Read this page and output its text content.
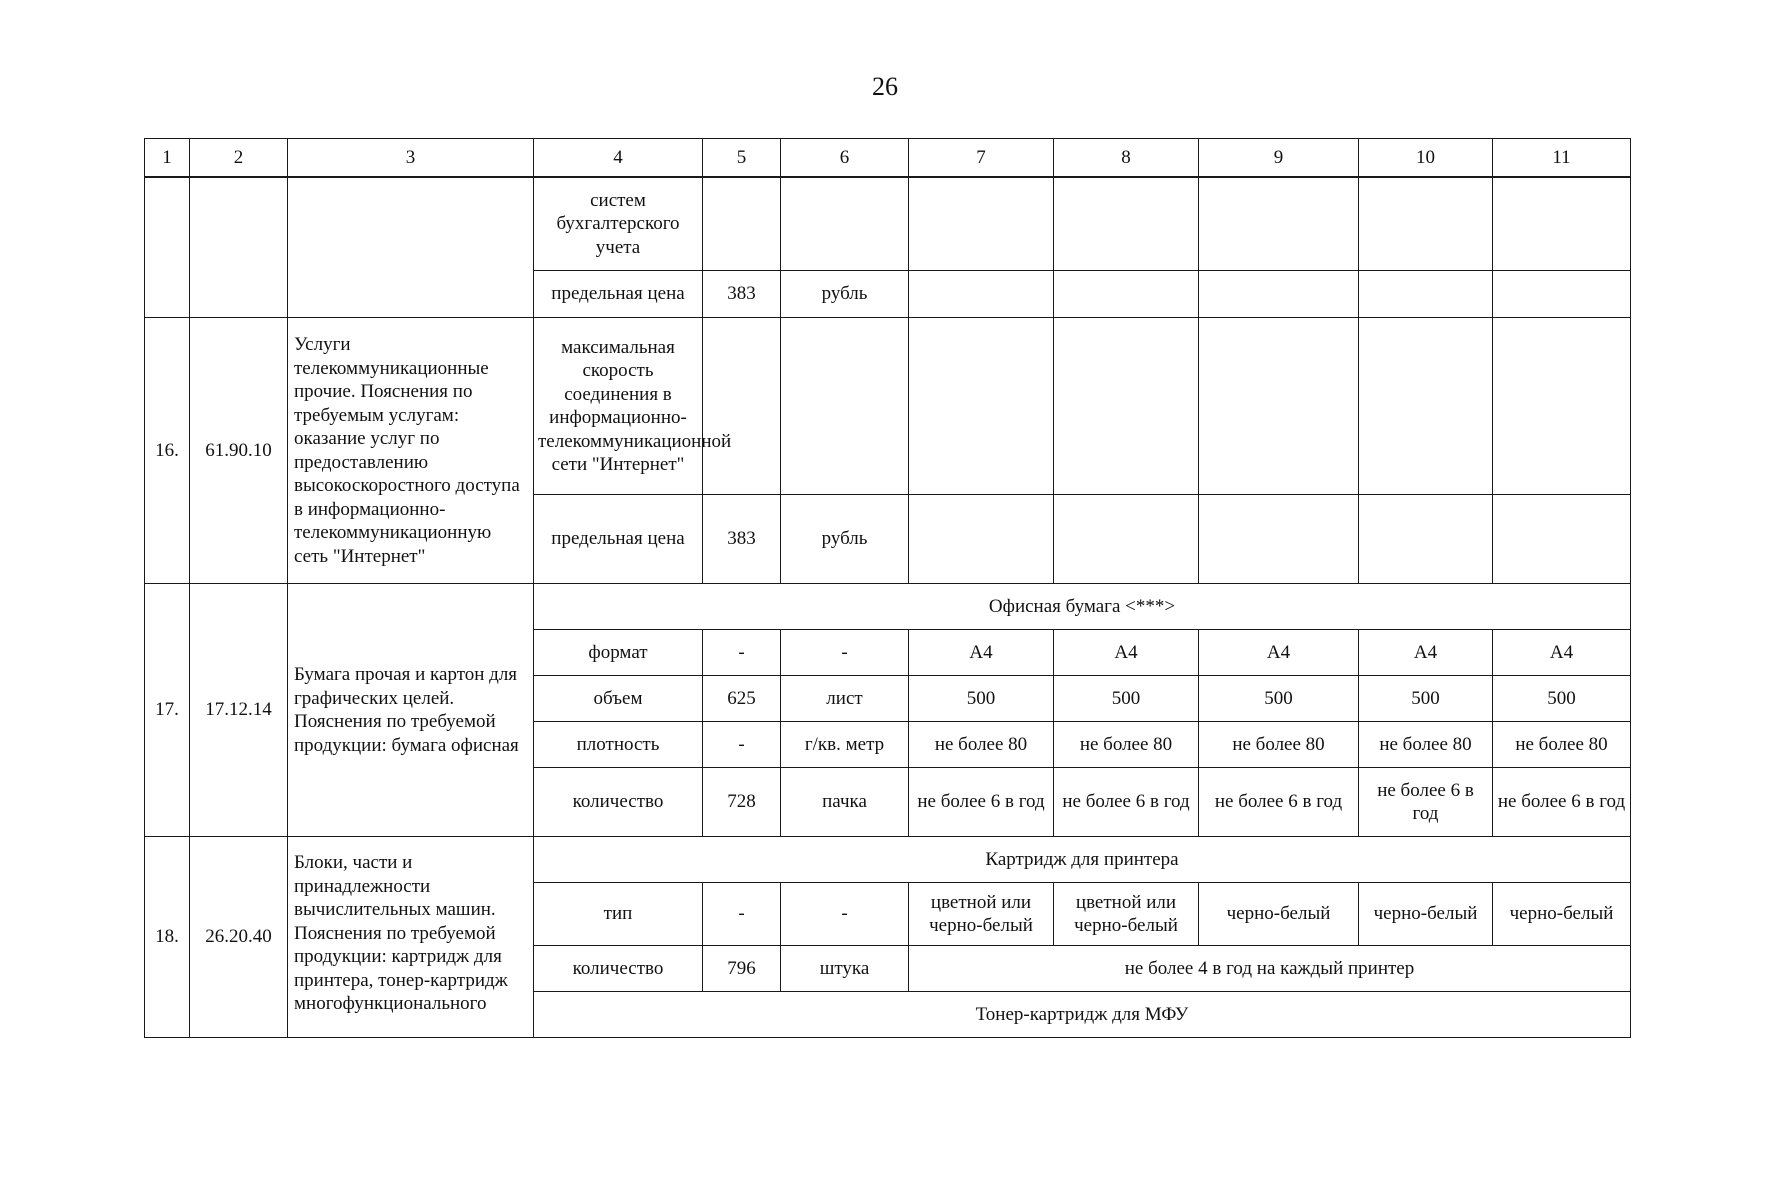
26
1	2	3	4	5	6	7	8	9	10	11
			систем бухгалтерского учета							
			предельная цена	383	рубль					
16.	61.90.10	Услуги телекоммуникационные прочие. Пояснения по требуемым услугам: оказание услуг по предоставлению высокоскоростного доступа в информационно-телекоммуникационную сеть "Интернет"	максимальная скорость соединения в информационно-телекоммуникационной сети "Интернет"							
			предельная цена	383	рубль					
17.	17.12.14	Бумага прочая и картон для графических целей. Пояснения по требуемой продукции: бумага офисная	Офисная бумага <***>							
			формат	-	-	А4	А4	А4	А4	А4
			объем	625	лист	500	500	500	500	500
			плотность	-	г/кв. метр	не более 80	не более 80	не более 80	не более 80	не более 80
			количество	728	пачка	не более 6 в год	не более 6 в год	не более 6 в год	не более 6 в год	не более 6 в год
18.	26.20.40	Блоки, части и принадлежности вычислительных машин. Пояснения по требуемой продукции: картридж для принтера, тонер-картридж многофункционального	Картридж для принтера							
			тип	-	-	цветной или черно-белый	цветной или черно-белый	черно-белый	черно-белый	черно-белый
			количество	796	штука	не более 4 в год на каждый принтер				
			Тонер-картридж для МФУ							
